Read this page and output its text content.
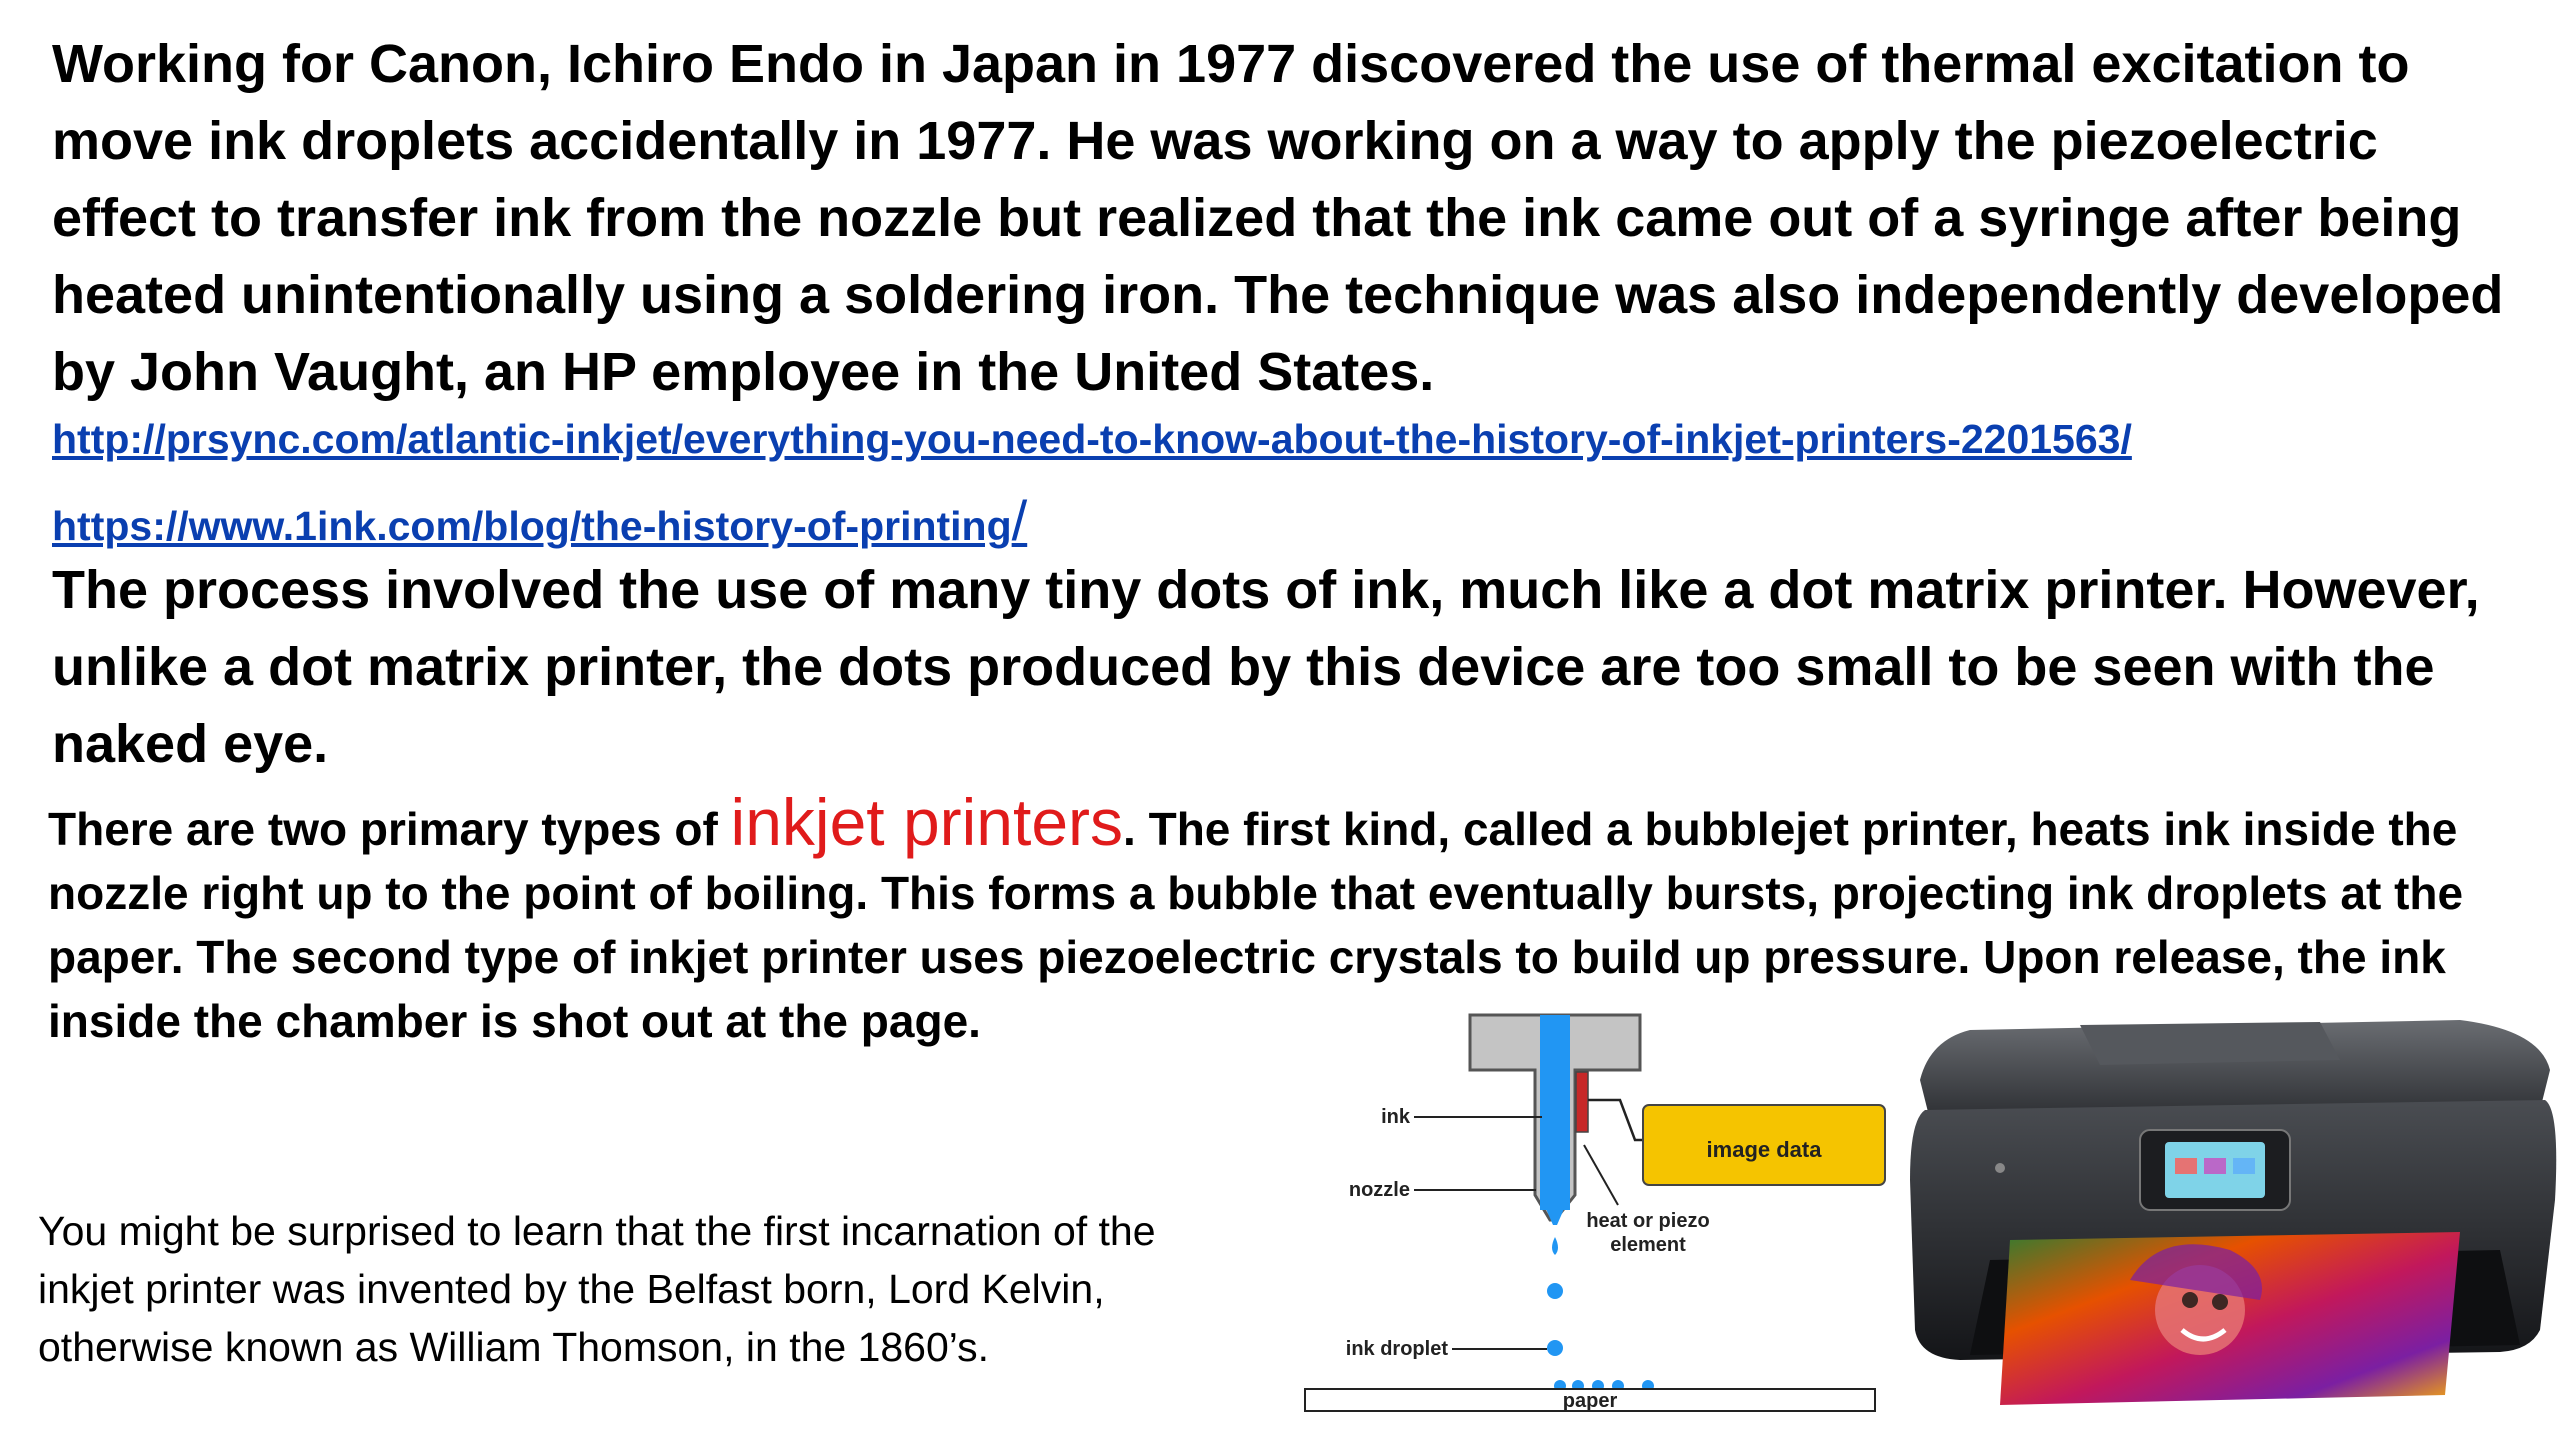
Working for Canon, Ichiro Endo in Japan in 1977 discovered the use of thermal excitation to move ink droplets accidentally in 1977. He was working on a way to apply the piezoelectric effect to transfer ink from the nozzle but realized that the ink came out of a syringe after being heated unintentionally using a soldering iron. The technique was also independently developed by John Vaught, an HP employee in the United States.

http://prsync.com/atlantic-inkjet/everything-you-need-to-know-about-the-history-of-inkjet-printers-2201563/
https://www.1ink.com/blog/the-history-of-printing/

The process involved the use of many tiny dots of ink, much like a dot matrix printer. However, unlike a dot matrix printer, the dots produced by this device are too small to be seen with the naked eye.

There are two primary types of inkjet printers. The first kind, called a bubblejet printer, heats ink inside the nozzle right up to the point of boiling. This forms a bubble that eventually bursts, projecting ink droplets at the paper. The second type of inkjet printer uses piezoelectric crystals to build up pressure. Upon release, the ink inside the chamber is shot out at the page.

You might be surprised to learn that the first incarnation of the inkjet printer was invented by the Belfast born, Lord Kelvin, otherwise known as William Thomson, in the 1860’s.

image data
heat or piezo
element
ink
nozzle
ink droplet
paper
